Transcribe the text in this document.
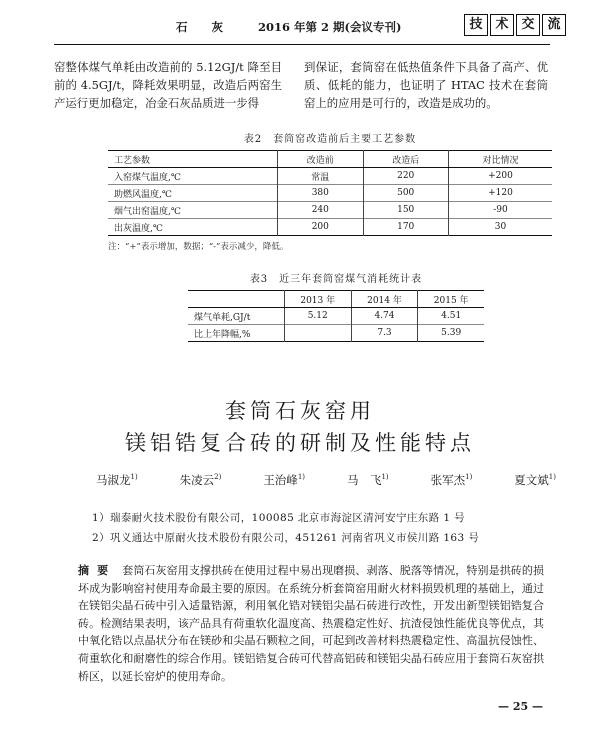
石 灰 2016 年第 2 期(会议专刊)	技 术 交 流
窑整体煤气单耗由改造前的 5.12GJ/t 降至目前的 4.5GJ/t，降耗效果明显，改造后两窑生产运行更加稳定，冶金石灰品质进一步得
到保证，套筒窑在低热值条件下具备了高产、优质、低耗的能力，也证明了 HTAC 技术在套筒窑上的应用是可行的，改造是成功的。
表2　套筒窑改造前后主要工艺参数
工艺参数	改造前	改造后	对比情况
入窑煤气温度,℃	常温	220	+200
助燃风温度,℃	380	500	+120
烟气出窑温度,℃	240	150	-90
出灰温度,℃	200	170	30
注：“+”表示增加，数据；“-”表示减少，降低。
表3　近三年套筒窑煤气消耗统计表
	2013 年	2014 年	2015 年
煤气单耗,GJ/t	5.12	4.74	4.51
比上年降幅,%		7.3	5.39
套筒石灰窑用
镁铝锆复合砖的研制及性能特点
马淑龙$^{1)}$	朱凌云$^{2)}$	王治峰$^{1)}$	马　飞$^{1)}$	张军杰$^{1)}$	夏文斌$^{1)}$
1）瑞泰耐火技术股份有限公司，100085 北京市海淀区清河安宁庄东路 1 号
2）巩义通达中原耐火技术股份有限公司，451261 河南省巩义市侯川路 163 号
摘要 套筒石灰窑用支撑拱砖在使用过程中易出现磨损、剥落、脱落等情况，特别是拱砖的损坏成为影响窑衬使用寿命最主要的原因。在系统分析套筒窑用耐火材料损毁机理的基础上，通过在镁铝尖晶石砖中引入适量锆源，利用氧化锆对镁铝尖晶石砖进行改性，开发出新型镁铝锆复合砖。检测结果表明，该产品具有荷重软化温度高、热震稳定性好、抗渣侵蚀性能优良等优点，其中氧化锆以点晶状分布在镁砂和尖晶石颗粒之间，可起到改善材料热震稳定性、高温抗侵蚀性、荷重软化和耐磨性的综合作用。镁铝锆复合砖可代替高铝砖和镁铝尖晶石砖应用于套筒石灰窑拱桥区，以延长窑炉的使用寿命。
— 25 —
